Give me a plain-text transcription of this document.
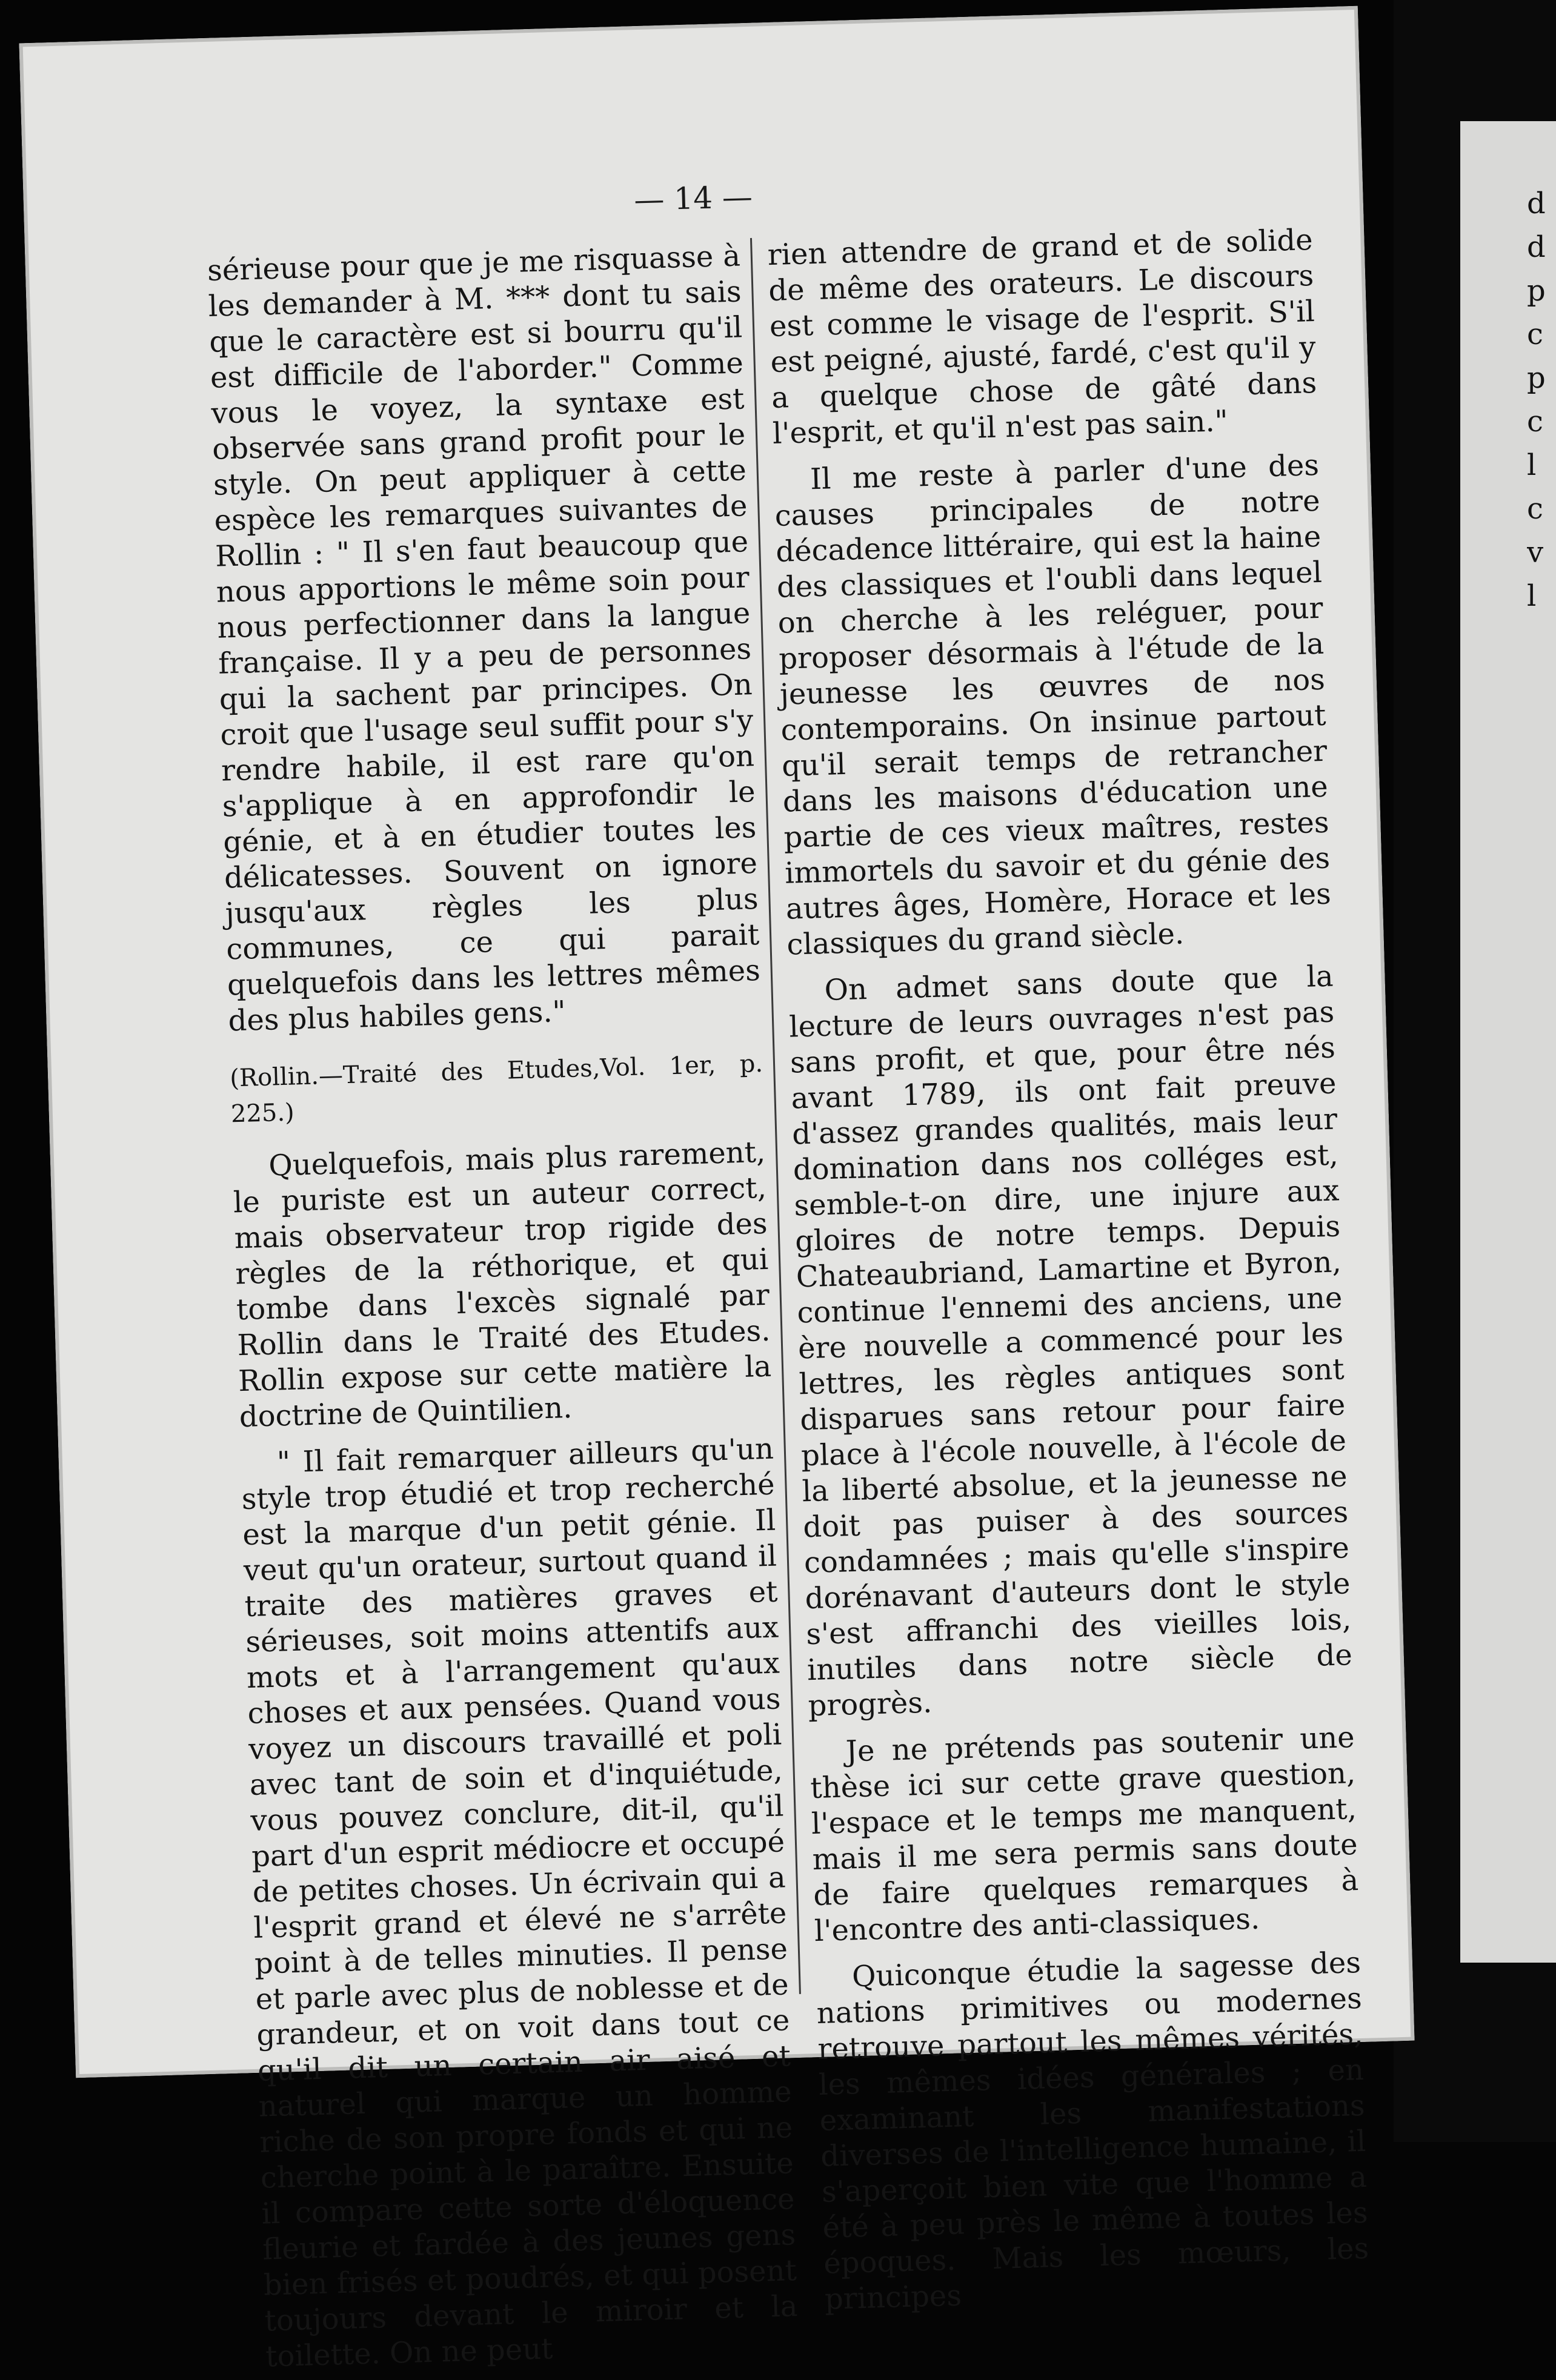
d d p c p c l c v l
— 14 —

sérieuse pour que je me risquasse à les demander à M. *** dont tu sais que le caractère est si bourru qu'il est difficile de l'aborder." Comme vous le voyez, la syntaxe est observée sans grand profit pour le style. On peut appliquer à cette espèce les remarques suivantes de Rollin : " Il s'en faut beaucoup que nous apportions le même soin pour nous perfectionner dans la langue française. Il y a peu de personnes qui la sachent par principes. On croit que l'usage seul suffit pour s'y rendre habile, il est rare qu'on s'applique à en approfondir le génie, et à en étudier toutes les délicatesses. Souvent on ignore jusqu'aux règles les plus communes, ce qui parait quelquefois dans les lettres mêmes des plus habiles gens."

(Rollin.—Traité des Etudes,Vol. 1er, p. 225.)

Quelquefois, mais plus rarement, le puriste est un auteur correct, mais observateur trop rigide des règles de la réthorique, et qui tombe dans l'excès signalé par Rollin dans le Traité des Etudes. Rollin expose sur cette matière la doctrine de Quintilien.

" Il fait remarquer ailleurs qu'un style trop étudié et trop recherché est la marque d'un petit génie. Il veut qu'un orateur, surtout quand il traite des matières graves et sérieuses, soit moins attentifs aux mots et à l'arrangement qu'aux choses et aux pensées. Quand vous voyez un discours travaillé et poli avec tant de soin et d'inquiétude, vous pouvez conclure, dit-il, qu'il part d'un esprit médiocre et occupé de petites choses. Un écrivain qui a l'esprit grand et élevé ne s'arrête point à de telles minuties. Il pense et parle avec plus de noblesse et de grandeur, et on voit dans tout ce qu'il dit un certain air aisé et naturel qui marque un homme riche de son propre fonds et qui ne cherche point à le paraître. Ensuite il compare cette sorte d'éloquence fleurie et fardée à des jeunes gens bien frisés et poudrés, et qui posent toujours devant le miroir et la toilette. On ne peut

rien attendre de grand et de solide de même des orateurs. Le discours est comme le visage de l'esprit. S'il est peigné, ajusté, fardé, c'est qu'il y a quelque chose de gâté dans l'esprit, et qu'il n'est pas sain."

Il me reste à parler d'une des causes principales de notre décadence littéraire, qui est la haine des classiques et l'oubli dans lequel on cherche à les reléguer, pour proposer désormais à l'étude de la jeunesse les œuvres de nos contemporains. On insinue partout qu'il serait temps de retrancher dans les maisons d'éducation une partie de ces vieux maîtres, restes immortels du savoir et du génie des autres âges, Homère, Horace et les classiques du grand siècle.

On admet sans doute que la lecture de leurs ouvrages n'est pas sans profit, et que, pour être nés avant 1789, ils ont fait preuve d'assez grandes qualités, mais leur domination dans nos colléges est, semble-t-on dire, une injure aux gloires de notre temps. Depuis Chateaubriand, Lamartine et Byron, continue l'ennemi des anciens, une ère nouvelle a commencé pour les lettres, les règles antiques sont disparues sans retour pour faire place à l'école nouvelle, à l'école de la liberté absolue, et la jeunesse ne doit pas puiser à des sources condamnées ; mais qu'elle s'inspire dorénavant d'auteurs dont le style s'est affranchi des vieilles lois, inutiles dans notre siècle de progrès.

Je ne prétends pas soutenir une thèse ici sur cette grave question, l'espace et le temps me manquent, mais il me sera permis sans doute de faire quelques remarques à l'encontre des anti-classiques.

Quiconque étudie la sagesse des nations primitives ou modernes retrouve partout les mêmes vérités, les mêmes idées générales ; en examinant les manifestations diverses de l'intelligence humaine, il s'aperçoit bien vite que l'homme a été à peu près le même à toutes les époques. Mais les mœurs, les principes
